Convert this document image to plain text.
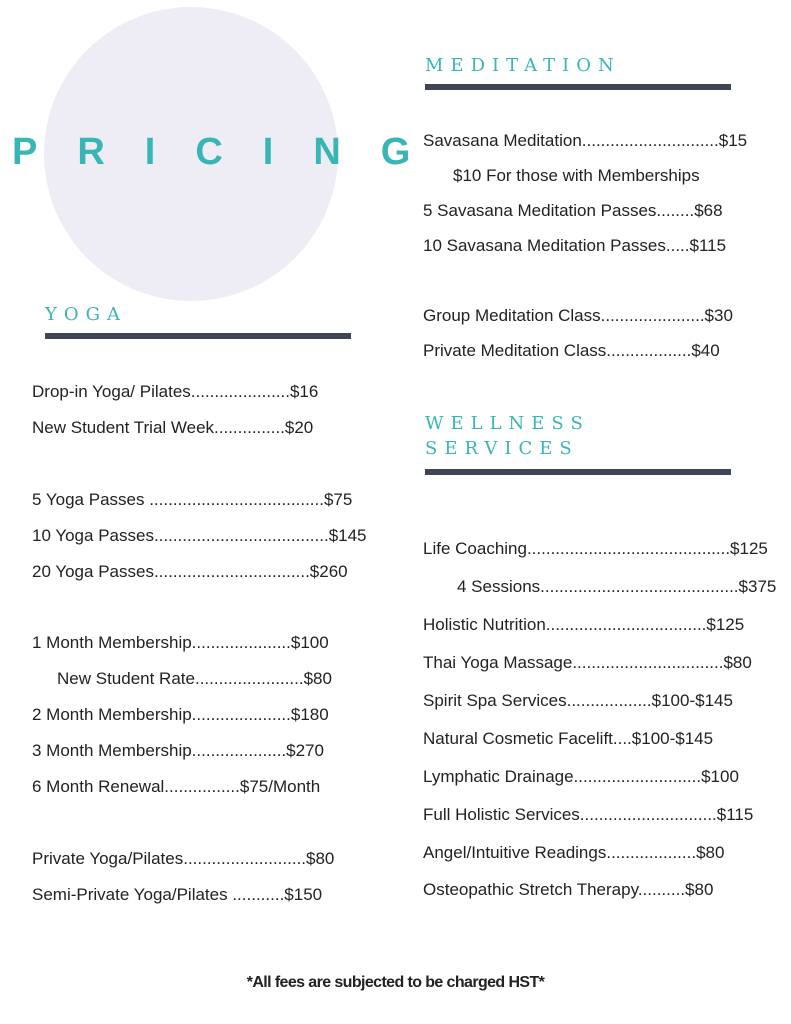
PRICING
YOGA
Drop-in Yoga/ Pilates.....................$16
New Student Trial Week...............$20
5 Yoga Passes .....................................$75
10 Yoga Passes.....................................$145
20 Yoga Passes.................................$260
1 Month Membership.....................$100
New Student Rate.......................$80
2 Month Membership.....................$180
3 Month Membership....................$270
6 Month Renewal................$75/Month
Private Yoga/Pilates..........................$80
Semi-Private Yoga/Pilates ...........$150
MEDITATION
Savasana Meditation.............................$15
$10 For those with Memberships
5 Savasana Meditation Passes........$68
10 Savasana Meditation Passes.....$115
Group Meditation Class......................$30
Private Meditation Class..................$40
WELLNESS
SERVICES
Life Coaching...........................................$125
4 Sessions..........................................$375
Holistic Nutrition..................................$125
Thai Yoga Massage................................$80
Spirit Spa Services..................$100-$145
Natural Cosmetic Facelift....$100-$145
Lymphatic Drainage...........................$100
Full Holistic Services.............................$115
Angel/Intuitive Readings...................$80
Osteopathic Stretch Therapy..........$80
*All fees are subjected to be charged HST*
